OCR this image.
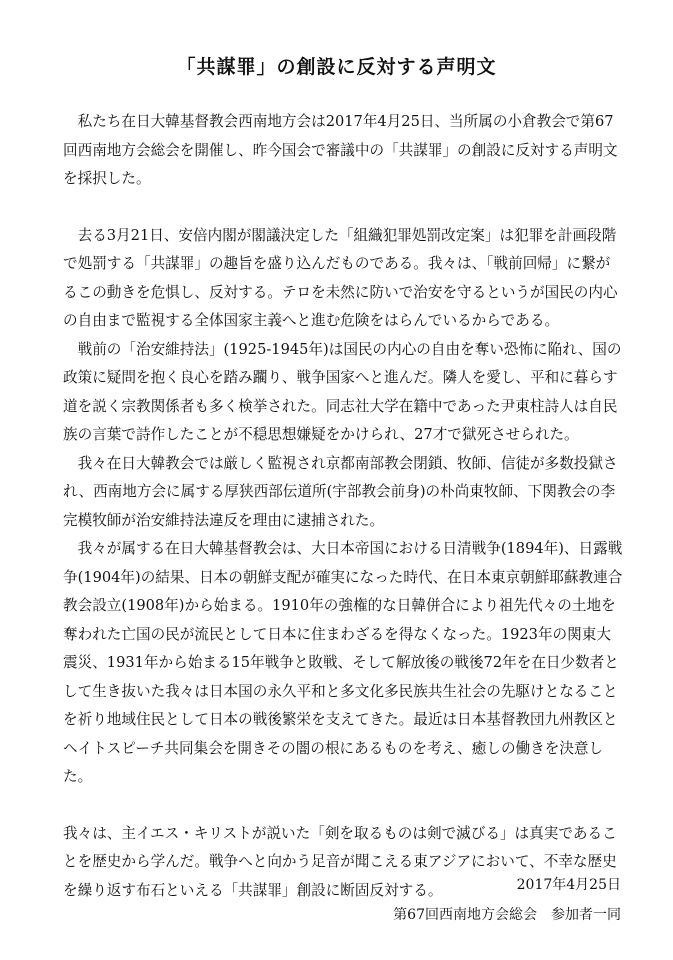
「共謀罪」の創設に反対する声明文

私たち在日大韓基督教会西南地方会は2017年4月25日、当所属の小倉教会で第67回西南地方会総会を開催し、昨今国会で審議中の「共謀罪」の創設に反対する声明文を採択した。

去る3月21日、安倍内閣が閣議決定した「組織犯罪処罰改定案」は犯罪を計画段階で処罰する「共謀罪」の趣旨を盛り込んだものである。我々は、「戦前回帰」に繋がるこの動きを危惧し、反対する。テロを未然に防いで治安を守るというが国民の内心の自由まで監視する全体国家主義へと進む危険をはらんでいるからである。

戦前の「治安維持法」(1925-1945年)は国民の内心の自由を奪い恐怖に陥れ、国の政策に疑問を抱く良心を踏み躙り、戦争国家へと進んだ。隣人を愛し、平和に暮らす道を説く宗教関係者も多く検挙された。同志社大学在籍中であった尹東柱詩人は自民族の言葉で詩作したことが不穏思想嫌疑をかけられ、27才で獄死させられた。

我々在日大韓教会では厳しく監視され京都南部教会閉鎖、牧師、信徒が多数投獄され、西南地方会に属する厚狭西部伝道所(宇部教会前身)の朴尚東牧師、下関教会の李完模牧師が治安維持法違反を理由に逮捕された。

我々が属する在日大韓基督教会は、大日本帝国における日清戦争(1894年)、日露戦争(1904年)の結果、日本の朝鮮支配が確実になった時代、在日本東京朝鮮耶蘇教連合教会設立(1908年)から始まる。1910年の強権的な日韓併合により祖先代々の土地を奪われた亡国の民が流民として日本に住まわざるを得なくなった。1923年の関東大震災、1931年から始まる15年戦争と敗戦、そして解放後の戦後72年を在日少数者として生き抜いた我々は日本国の永久平和と多文化多民族共生社会の先駆けとなることを祈り地域住民として日本の戦後繁栄を支えてきた。最近は日本基督教団九州教区とヘイトスピーチ共同集会を開きその闇の根にあるものを考え、癒しの働きを決意した。

我々は、主イエス・キリストが説いた「剣を取るものは剣で滅びる」は真実であることを歴史から学んだ。戦争へと向かう足音が聞こえる東アジアにおいて、不幸な歴史を繰り返す布石といえる「共謀罪」創設に断固反対する。	2017年4月25日
第67回西南地方会総会　参加者一同
